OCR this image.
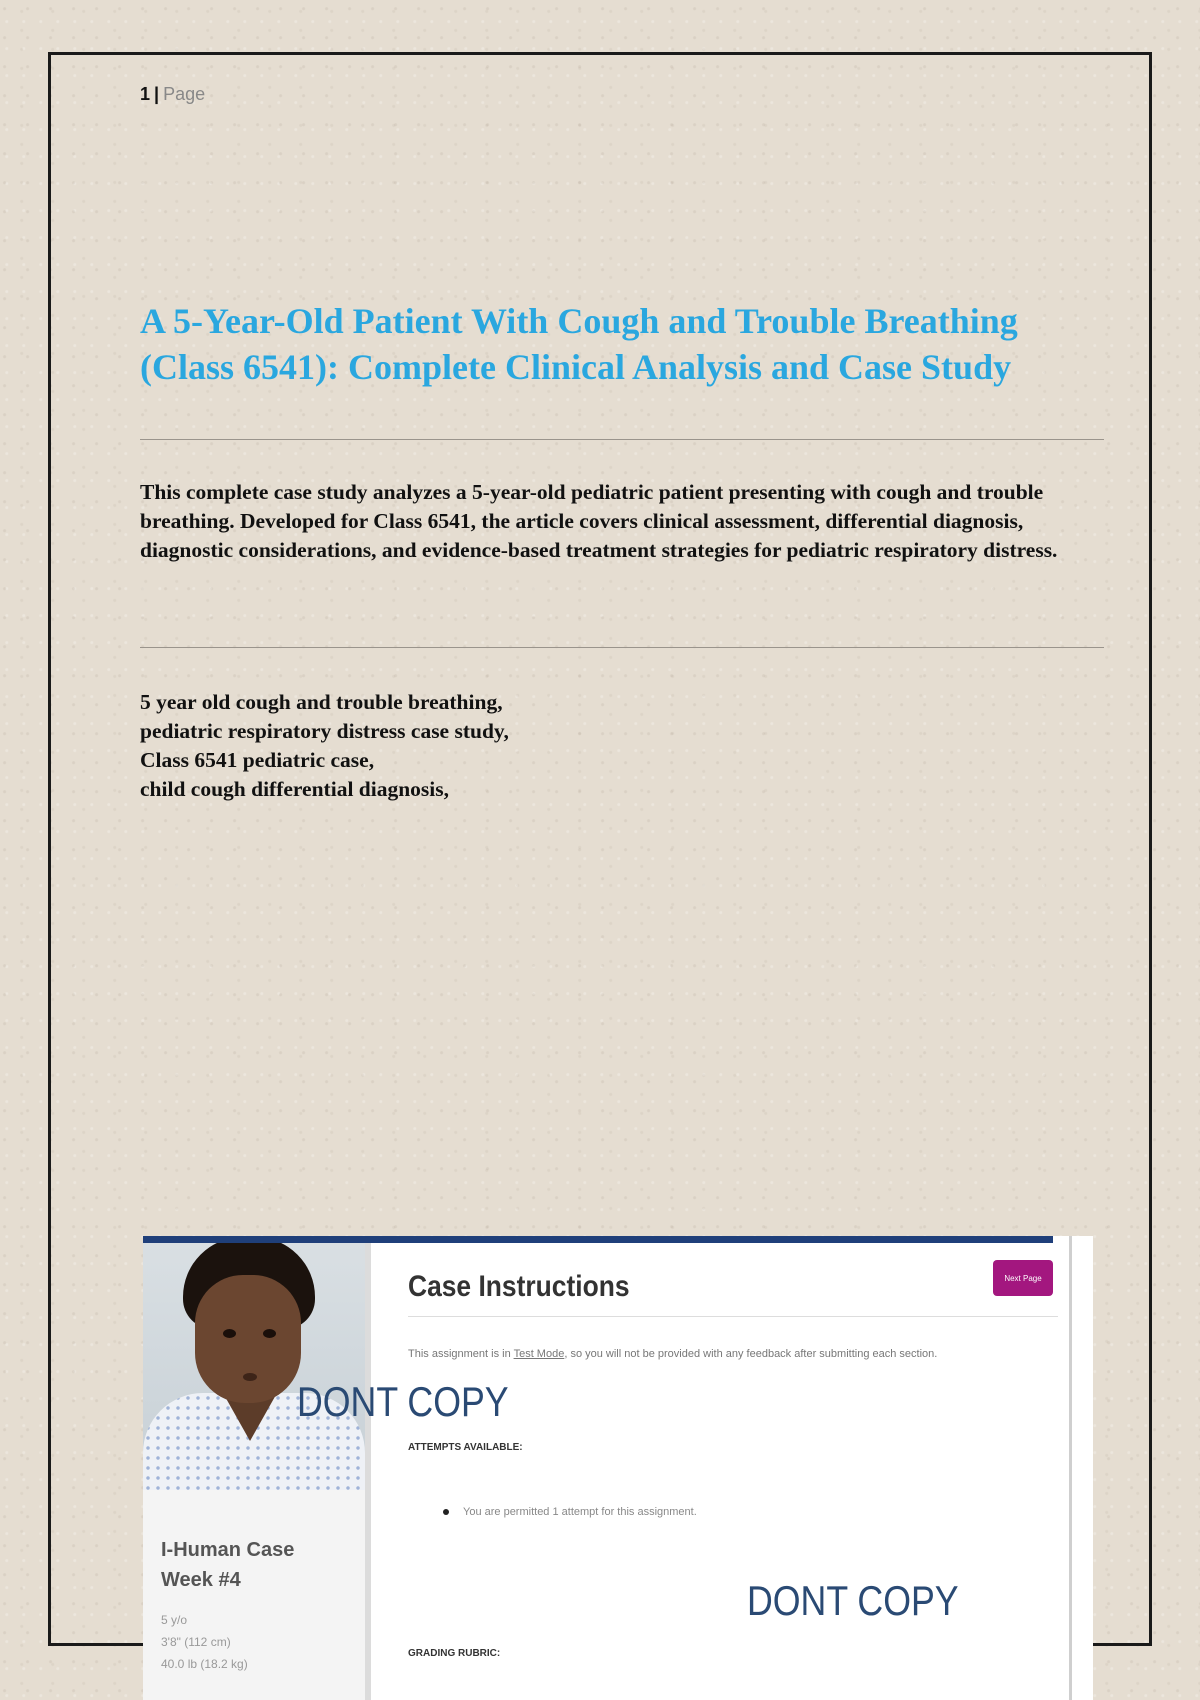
1 | Page
A 5-Year-Old Patient With Cough and Trouble Breathing (Class 6541): Complete Clinical Analysis and Case Study

This complete case study analyzes a 5-year-old pediatric patient presenting with cough and trouble breathing. Developed for Class 6541, the article covers clinical assessment, differential diagnosis, diagnostic considerations, and evidence-based treatment strategies for pediatric respiratory distress.

5 year old cough and trouble breathing,
pediatric respiratory distress case study,
Class 6541 pediatric case,
child cough differential diagnosis,
I-Human Case Week #4
5 y/o
3'8" (112 cm)
40.0 lb (18.2 kg)
Case Instructions	Next Page
This assignment is in Test Mode, so you will not be provided with any feedback after submitting each section.
ATTEMPTS AVAILABLE:
You are permitted 1 attempt for this assignment.
GRADING RUBRIC:
DONT COPY
DONT COPY
